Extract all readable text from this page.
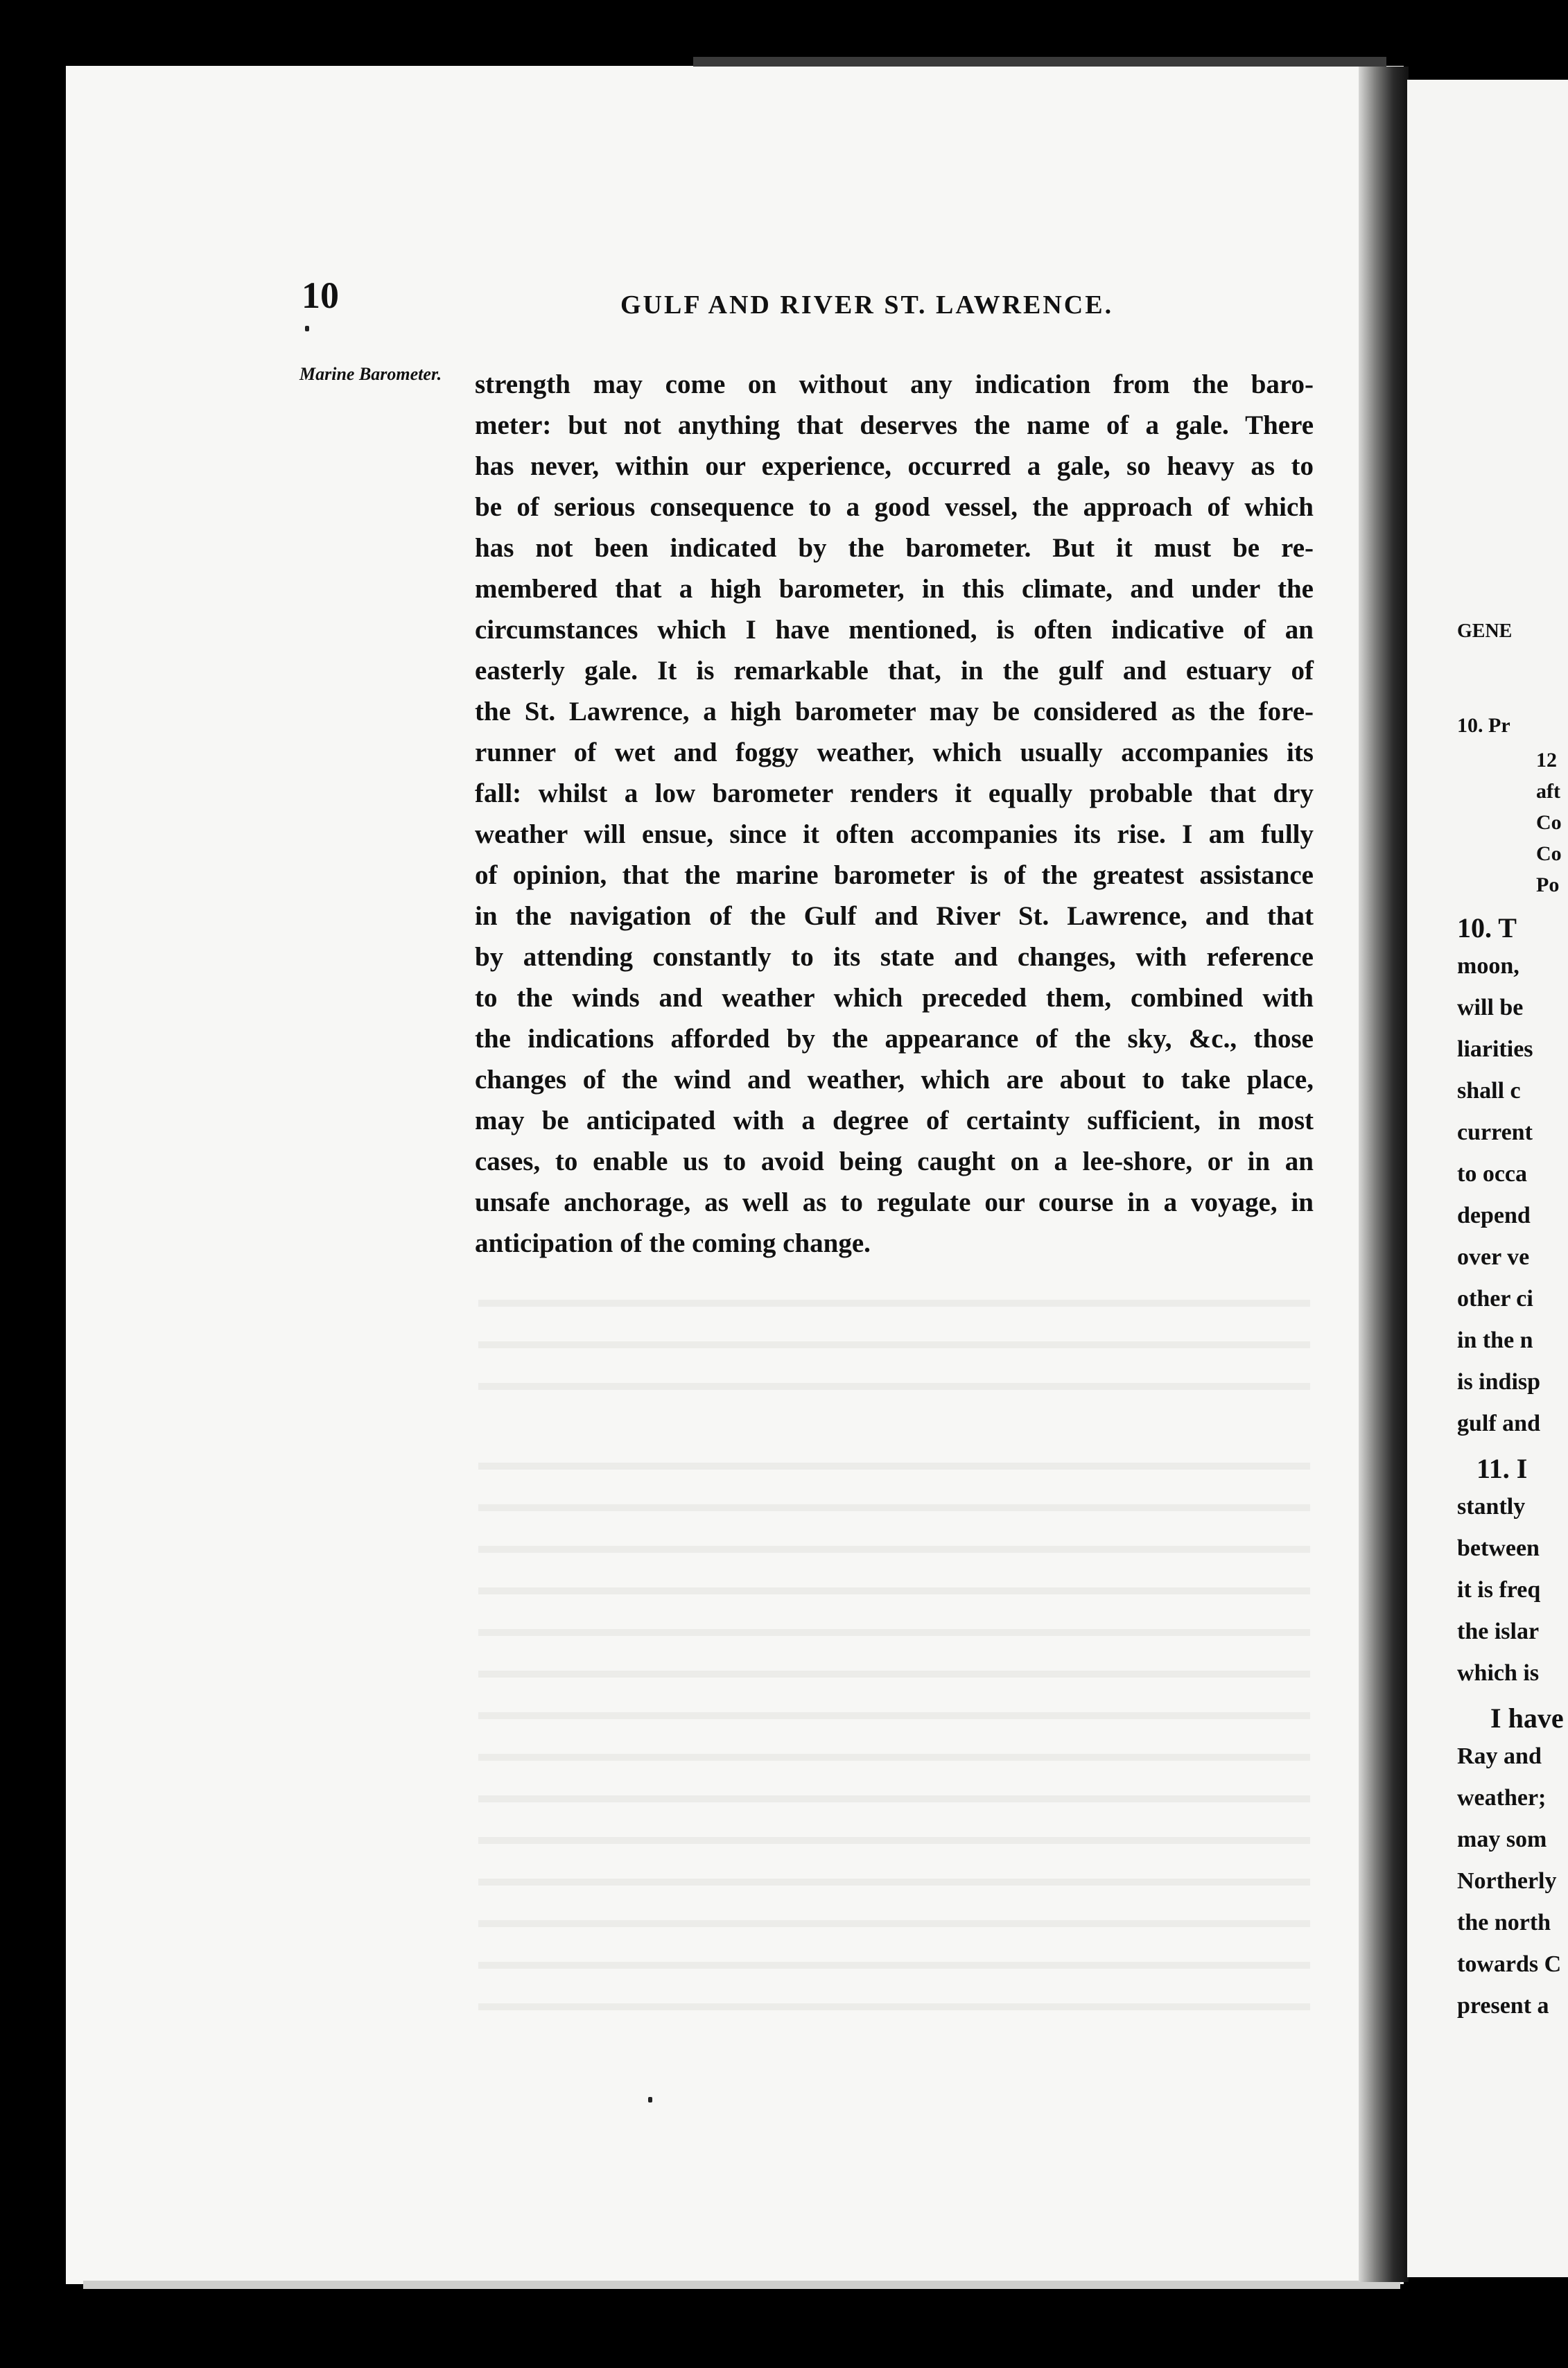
10	GULF AND RIVER ST. LAWRENCE.
Marine Barometer.	strength may come on without any indication from the baro-
meter: but not anything that deserves the name of a gale. There
has never, within our experience, occurred a gale, so heavy as to
be of serious consequence to a good vessel, the approach of which
has not been indicated by the barometer. But it must be re-
membered that a high barometer, in this climate, and under the
circumstances which I have mentioned, is often indicative of an
easterly gale. It is remarkable that, in the gulf and estuary of
the St. Lawrence, a high barometer may be considered as the fore-
runner of wet and foggy weather, which usually accompanies its
fall: whilst a low barometer renders it equally probable that dry
weather will ensue, since it often accompanies its rise. I am fully
of opinion, that the marine barometer is of the greatest assistance
in the navigation of the Gulf and River St. Lawrence, and that
by attending constantly to its state and changes, with reference
to the winds and weather which preceded them, combined with
the indications afforded by the appearance of the sky, &c., those
changes of the wind and weather, which are about to take place,
may be anticipated with a degree of certainty sufficient, in most
cases, to enable us to avoid being caught on a lee-shore, or in an
unsafe anchorage, as well as to regulate our course in a voyage, in
anticipation of the coming change.
GENE
10. Pr
12
aft
Co
Co
Po
10. T
moon,
will be
liarities
shall c
current
to occa
depend
over ve
other ci
in the n
is indisp
gulf and
11. I
stantly
between
it is freq
the islar
which is
I have
Ray and
weather;
may som
Northerly
the north
towards C
present a
